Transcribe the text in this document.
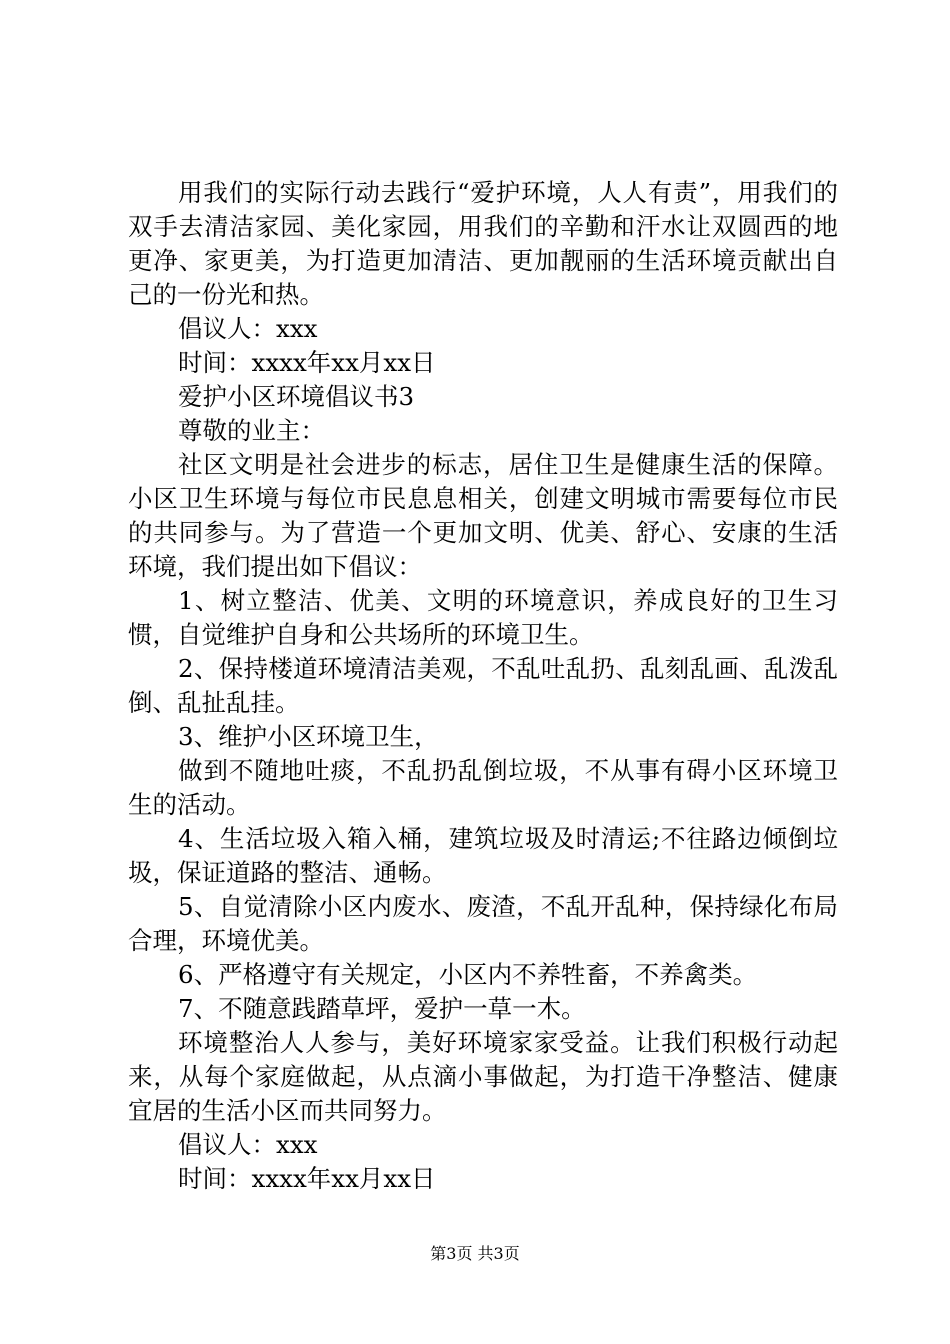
用我们的实际行动去践行“爱护环境，人人有责”，用我们的双手去清洁家园、美化家园，用我们的辛勤和汗水让双圆西的地更净、家更美，为打造更加清洁、更加靓丽的生活环境贡献出自己的一份光和热。

倡议人：xxx

时间：xxxx年xx月xx日

爱护小区环境倡议书3

尊敬的业主：

社区文明是社会进步的标志，居住卫生是健康生活的保障。小区卫生环境与每位市民息息相关，创建文明城市需要每位市民的共同参与。为了营造一个更加文明、优美、舒心、安康的生活环境，我们提出如下倡议：

1、树立整洁、优美、文明的环境意识，养成良好的卫生习惯，自觉维护自身和公共场所的环境卫生。

2、保持楼道环境清洁美观，不乱吐乱扔、乱刻乱画、乱泼乱倒、乱扯乱挂。

3、维护小区环境卫生，

做到不随地吐痰，不乱扔乱倒垃圾，不从事有碍小区环境卫生的活动。

4、生活垃圾入箱入桶，建筑垃圾及时清运;不往路边倾倒垃圾，保证道路的整洁、通畅。

5、自觉清除小区内废水、废渣，不乱开乱种，保持绿化布局合理，环境优美。

6、严格遵守有关规定，小区内不养牲畜，不养禽类。

7、不随意践踏草坪，爱护一草一木。

环境整治人人参与，美好环境家家受益。让我们积极行动起来，从每个家庭做起，从点滴小事做起，为打造干净整洁、健康宜居的生活小区而共同努力。

倡议人：xxx

时间：xxxx年xx月xx日

第3页 共3页
